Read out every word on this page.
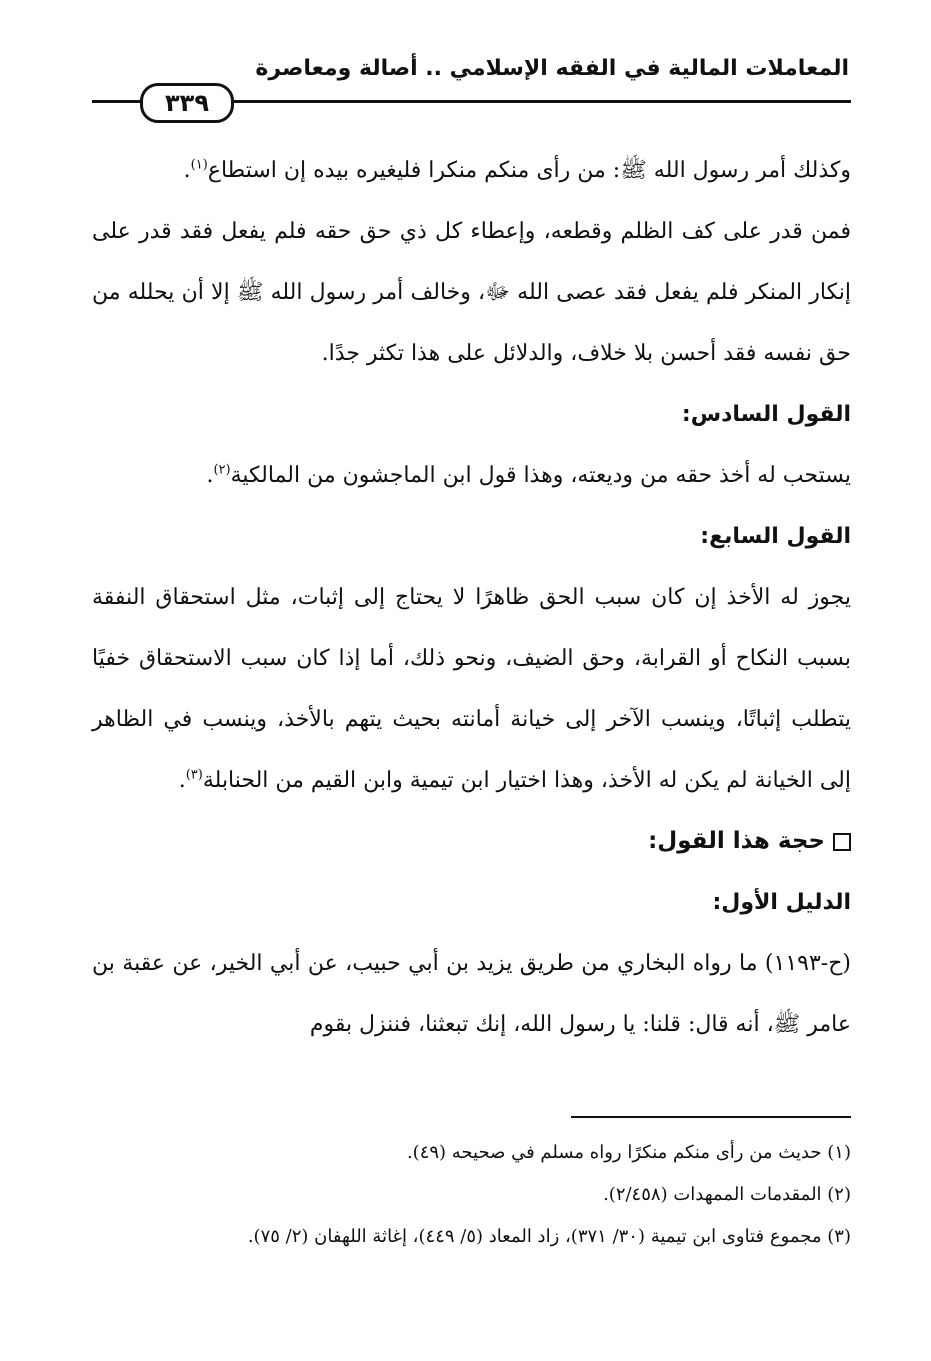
المعاملات المالية في الفقه الإسلامي .. أصالة ومعاصرة
٣٣٩

وكذلك أمر رسول الله ﷺ: من رأى منكم منكرا فليغيره بيده إن استطاع$^{(١)}$.

فمن قدر على كف الظلم وقطعه، وإعطاء كل ذي حق حقه فلم يفعل فقد قدر على إنكار المنكر فلم يفعل فقد عصى الله ﷻ، وخالف أمر رسول الله ﷺ إلا أن يحلله من حق نفسه فقد أحسن بلا خلاف، والدلائل على هذا تكثر جدًا.

القول السادس:

يستحب له أخذ حقه من وديعته، وهذا قول ابن الماجشون من المالكية$^{(٢)}$.

القول السابع:

يجوز له الأخذ إن كان سبب الحق ظاهرًا لا يحتاج إلى إثبات، مثل استحقاق النفقة بسبب النكاح أو القرابة، وحق الضيف، ونحو ذلك، أما إذا كان سبب الاستحقاق خفيًا يتطلب إثباتًا، وينسب الآخر إلى خيانة أمانته بحيث يتهم بالأخذ، وينسب في الظاهر إلى الخيانة لم يكن له الأخذ، وهذا اختيار ابن تيمية وابن القيم من الحنابلة$^{(٣)}$.

حجة هذا القول:

الدليل الأول:

(ح-١١٩٣) ما رواه البخاري من طريق يزيد بن أبي حبيب، عن أبي الخير، عن عقبة بن عامر ﷺ، أنه قال: قلنا: يا رسول الله، إنك تبعثنا، فننزل بقوم

(١) حديث من رأى منكم منكرًا رواه مسلم في صحيحه (٤٩).

(٢) المقدمات الممهدات (٢/٤٥٨).

(٣) مجموع فتاوى ابن تيمية (٣٠/ ٣٧١)، زاد المعاد (٥/ ٤٤٩)، إغاثة اللهفان (٢/ ٧٥).
